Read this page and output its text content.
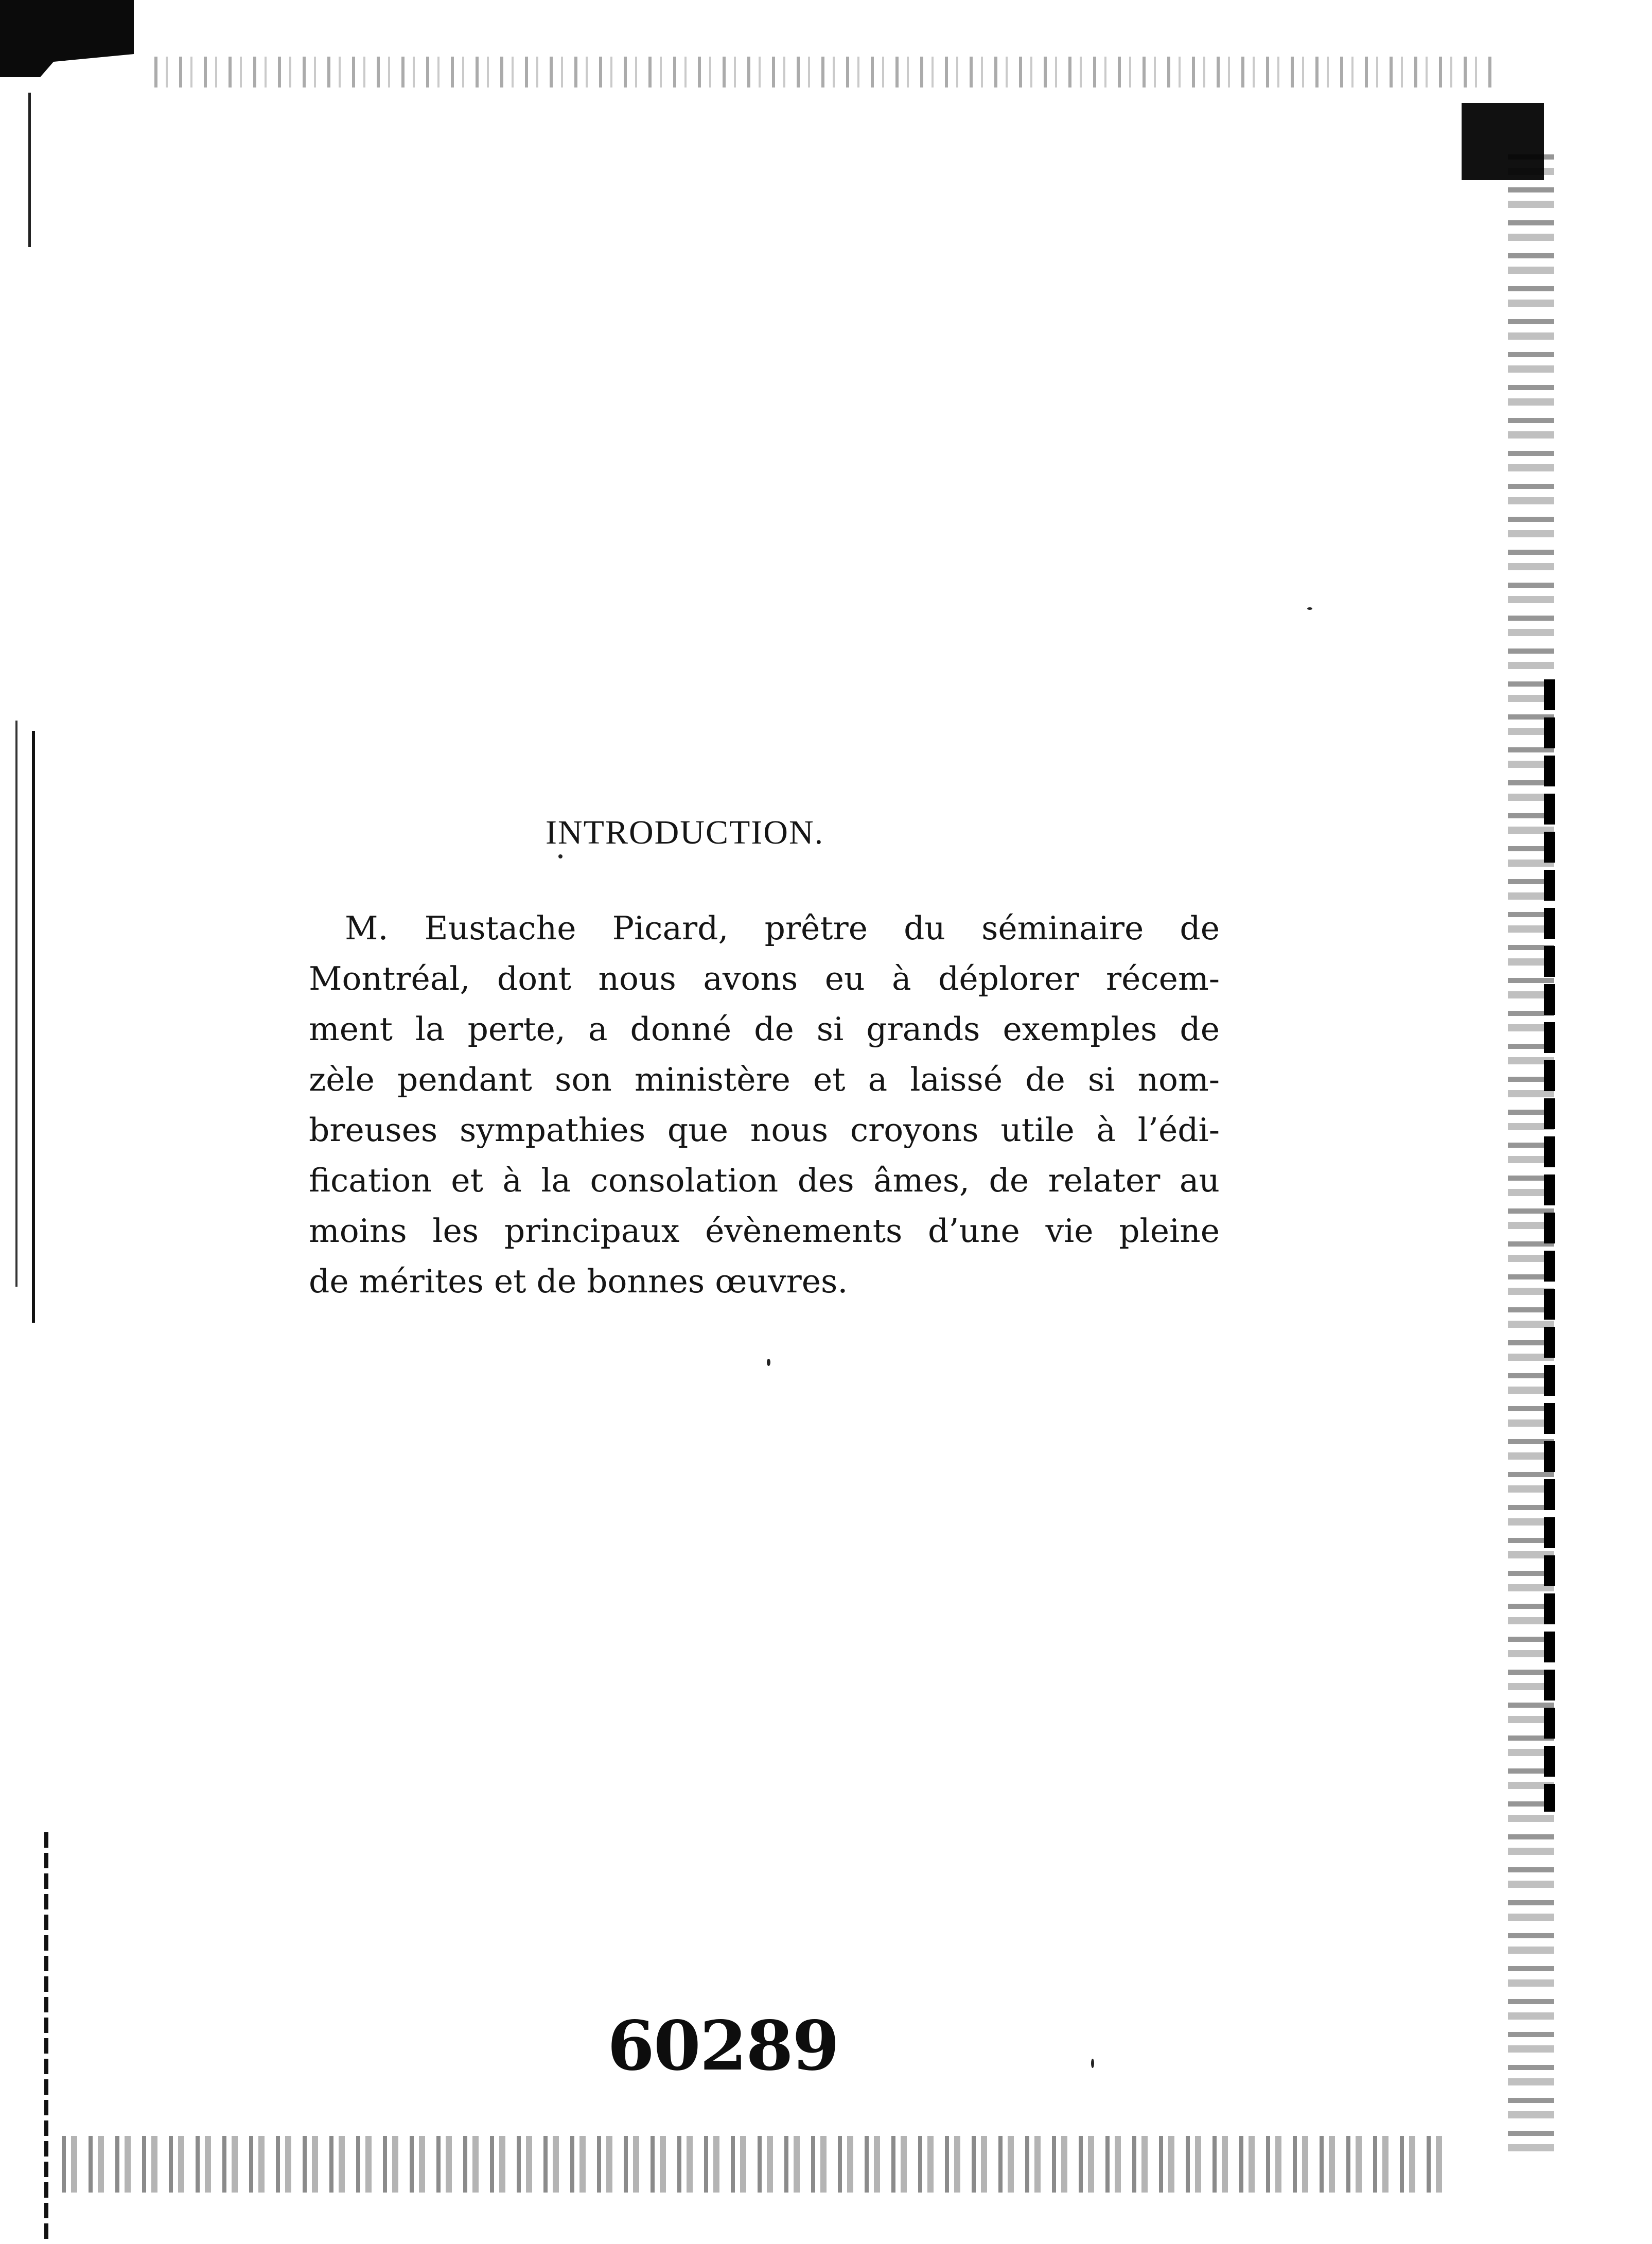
INTRODUCTION.
M. Eustache Picard, prêtre du séminaire de
Montréal, dont nous avons eu à déplorer récem-
ment la perte, a donné de si grands exemples de
zèle pendant son ministère et a laissé de si nom-
breuses sympathies que nous croyons utile à l’édi-
fication et à la consolation des âmes, de relater au
moins les principaux évènements d’une vie pleine
de mérites et de bonnes œuvres.
60289
